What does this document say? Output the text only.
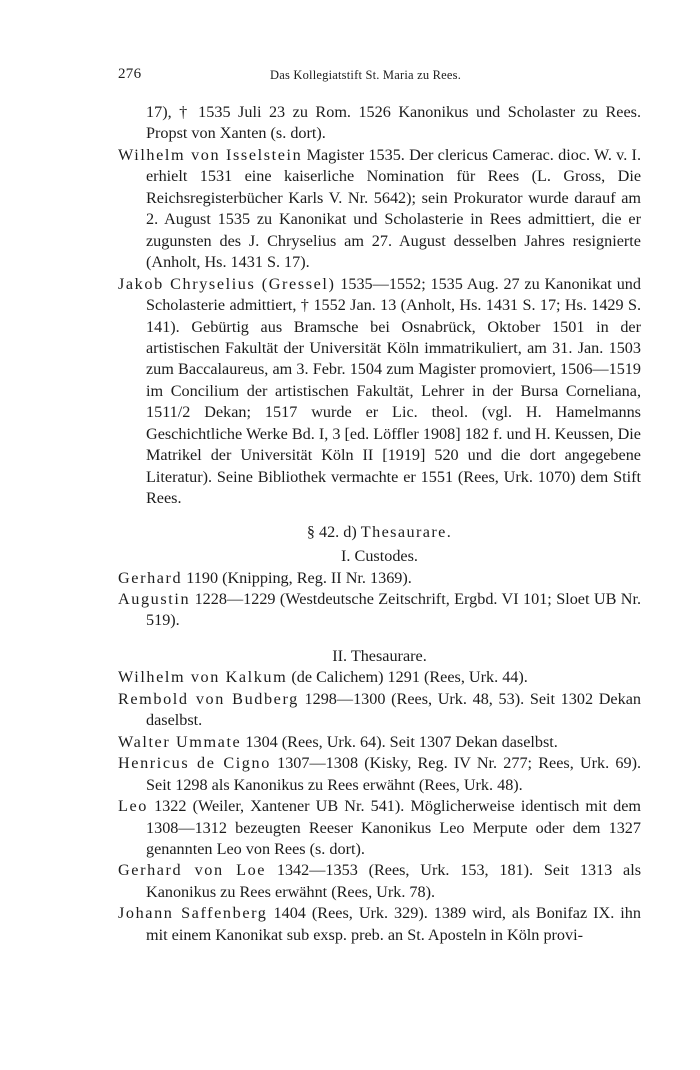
276	Das Kollegiatstift St. Maria zu Rees.

17), † 1535 Juli 23 zu Rom. 1526 Kanonikus und Scholaster zu Rees. Propst von Xanten (s. dort).

Wilhelm von Isselstein Magister 1535. Der clericus Camerac. dioc. W. v. I. erhielt 1531 eine kaiserliche Nomination für Rees (L. Gross, Die Reichsregisterbücher Karls V. Nr. 5642); sein Prokurator wurde darauf am 2. August 1535 zu Kanonikat und Scholasterie in Rees admittiert, die er zugunsten des J. Chryselius am 27. August desselben Jahres resignierte (Anholt, Hs. 1431 S. 17).

Jakob Chryselius (Gressel) 1535—1552; 1535 Aug. 27 zu Kanonikat und Scholasterie admittiert, † 1552 Jan. 13 (Anholt, Hs. 1431 S. 17; Hs. 1429 S. 141). Gebürtig aus Bramsche bei Osnabrück, Oktober 1501 in der artistischen Fakultät der Universität Köln immatrikuliert, am 31. Jan. 1503 zum Baccalaureus, am 3. Febr. 1504 zum Magister promoviert, 1506—1519 im Concilium der artistischen Fakultät, Lehrer in der Bursa Corneliana, 1511/2 Dekan; 1517 wurde er Lic. theol. (vgl. H. Hamelmanns Geschichtliche Werke Bd. I, 3 [ed. Löffler 1908] 182 f. und H. Keussen, Die Matrikel der Universität Köln II [1919] 520 und die dort angegebene Literatur). Seine Bibliothek vermachte er 1551 (Rees, Urk. 1070) dem Stift Rees.

§ 42. d) Thesaurare.

I. Custodes.

Gerhard 1190 (Knipping, Reg. II Nr. 1369).

Augustin 1228—1229 (Westdeutsche Zeitschrift, Ergbd. VI 101; Sloet UB Nr. 519).

II. Thesaurare.

Wilhelm von Kalkum (de Calichem) 1291 (Rees, Urk. 44).

Rembold von Budberg 1298—1300 (Rees, Urk. 48, 53). Seit 1302 Dekan daselbst.

Walter Ummate 1304 (Rees, Urk. 64). Seit 1307 Dekan daselbst.

Henricus de Cigno 1307—1308 (Kisky, Reg. IV Nr. 277; Rees, Urk. 69). Seit 1298 als Kanonikus zu Rees erwähnt (Rees, Urk. 48).

Leo 1322 (Weiler, Xantener UB Nr. 541). Möglicherweise identisch mit dem 1308—1312 bezeugten Reeser Kanonikus Leo Merpute oder dem 1327 genannten Leo von Rees (s. dort).

Gerhard von Loe 1342—1353 (Rees, Urk. 153, 181). Seit 1313 als Kanonikus zu Rees erwähnt (Rees, Urk. 78).

Johann Saffenberg 1404 (Rees, Urk. 329). 1389 wird, als Bonifaz IX. ihn mit einem Kanonikat sub exsp. preb. an St. Aposteln in Köln provi-
